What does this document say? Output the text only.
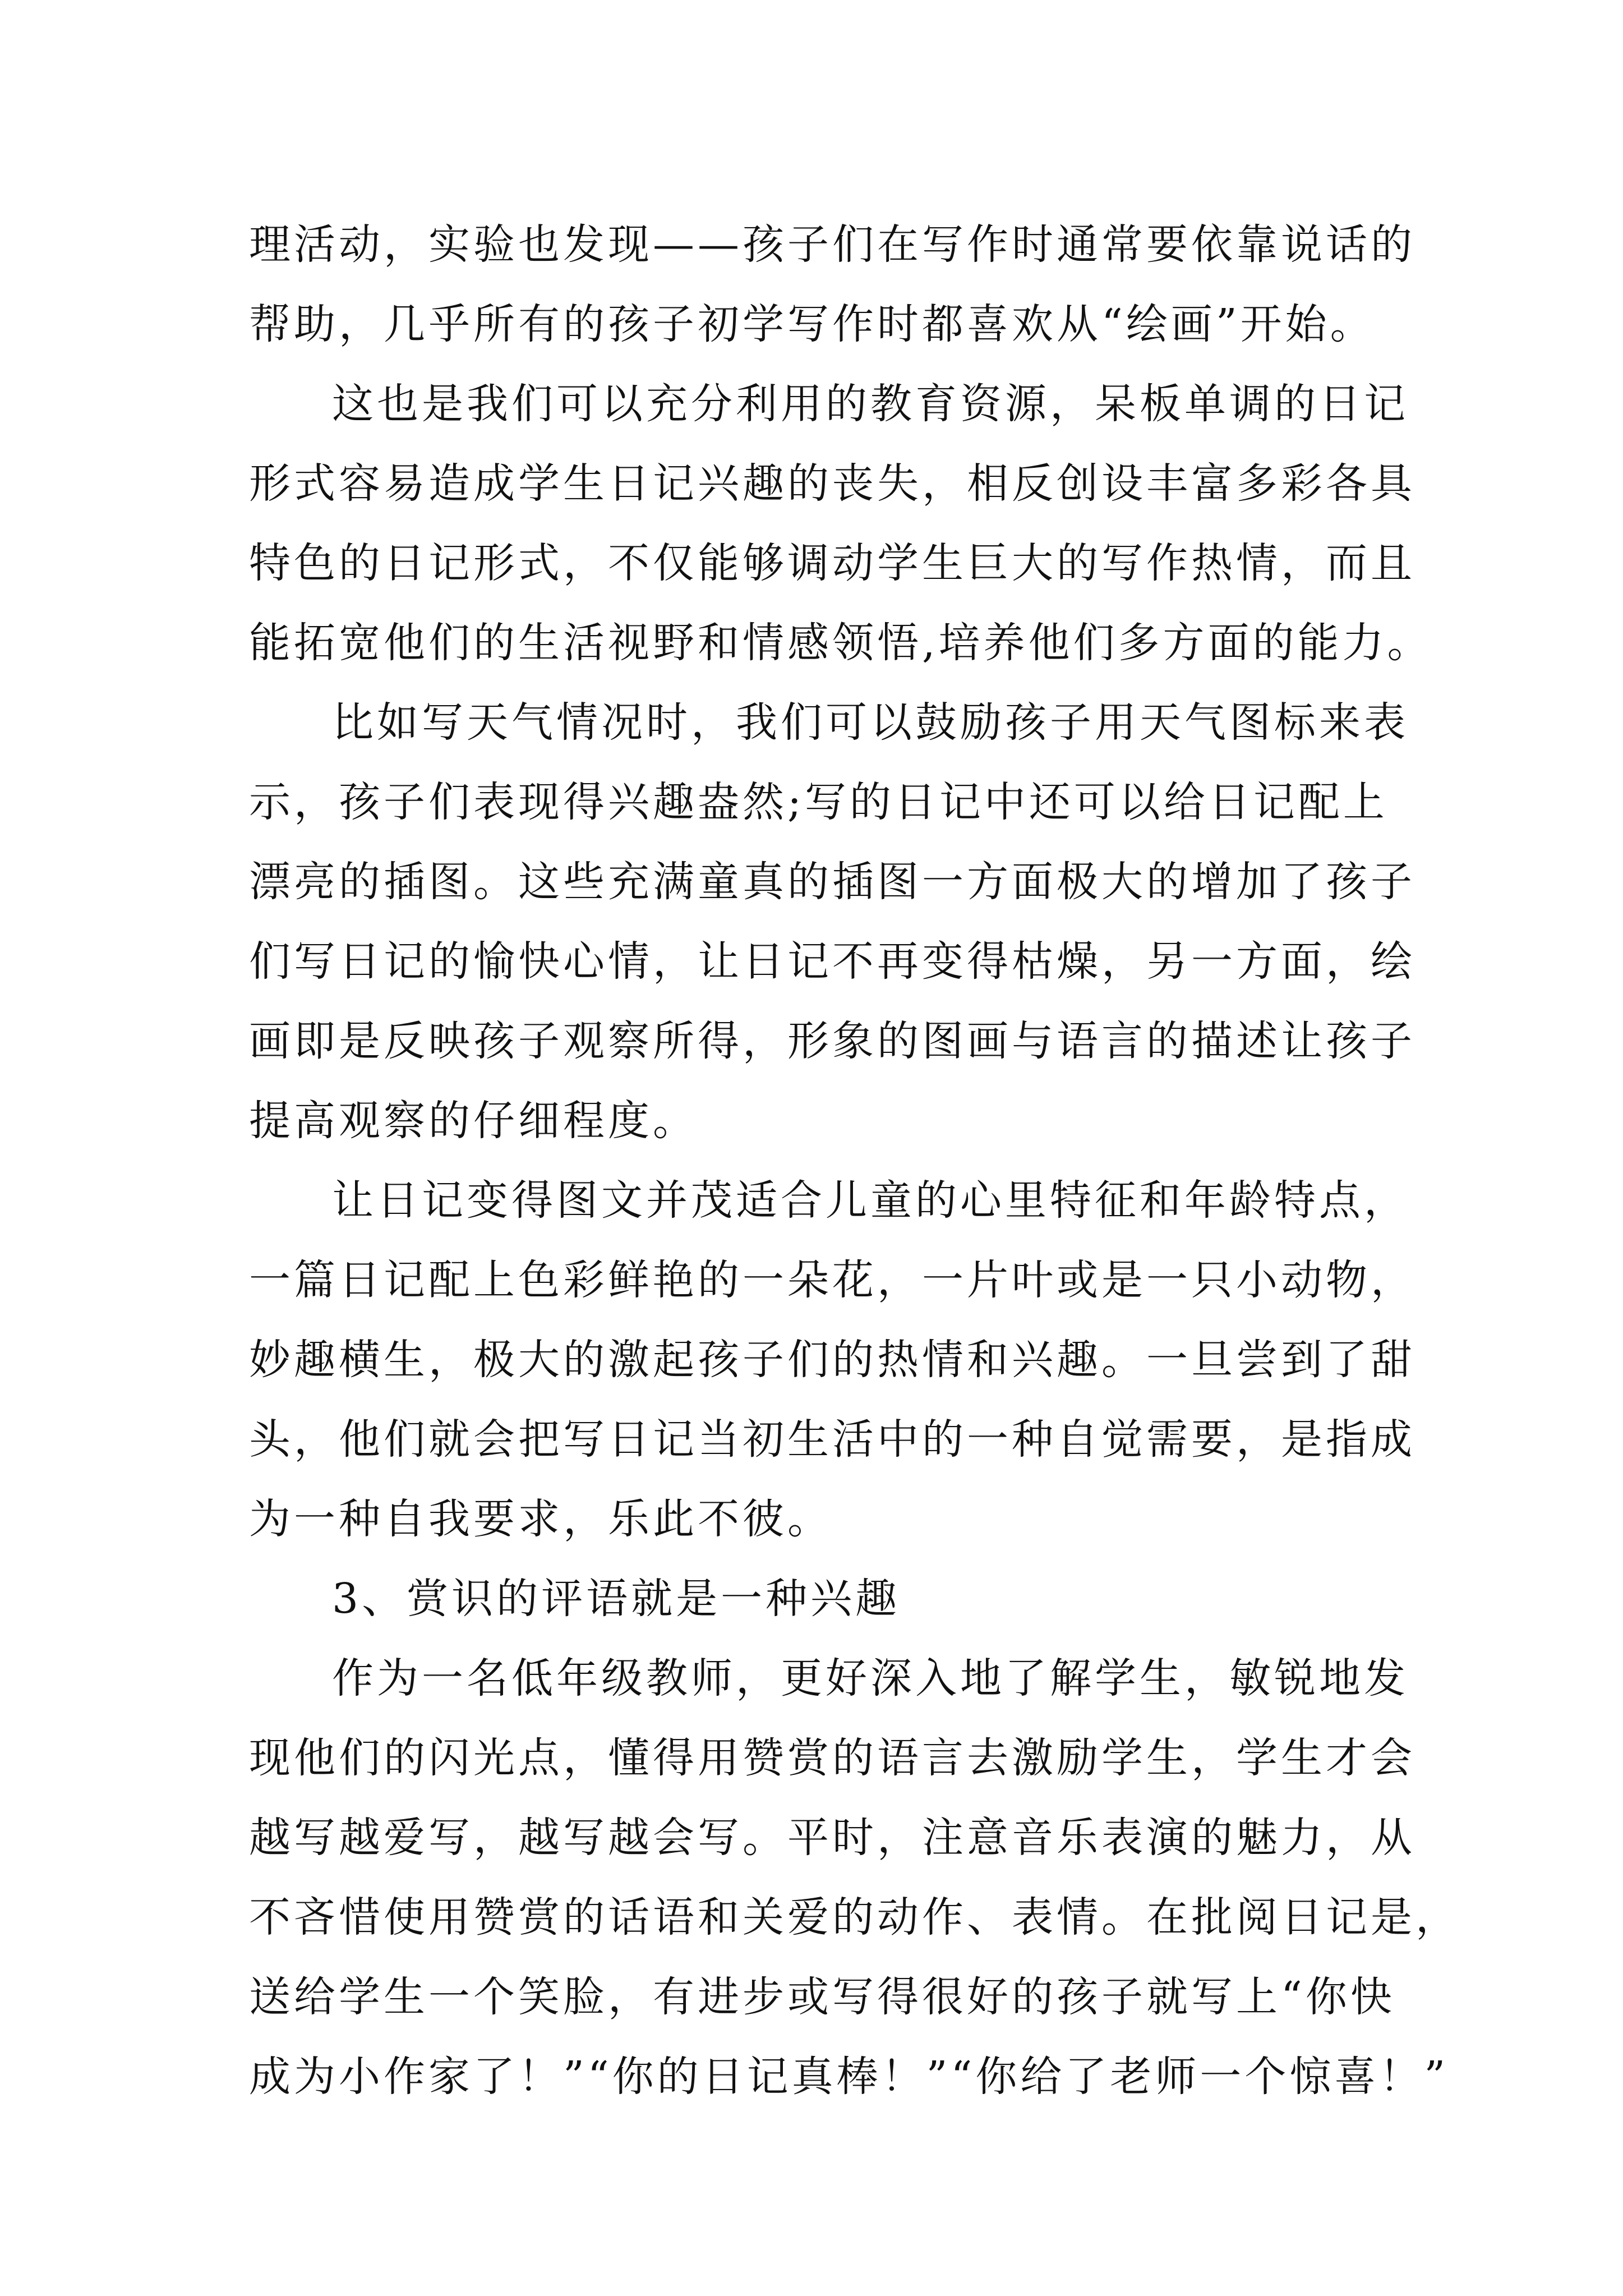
理活动，实验也发现——孩子们在写作时通常要依靠说话的
帮助，几乎所有的孩子初学写作时都喜欢从“绘画”开始。
这也是我们可以充分利用的教育资源，呆板单调的日记
形式容易造成学生日记兴趣的丧失，相反创设丰富多彩各具
特色的日记形式，不仅能够调动学生巨大的写作热情，而且
能拓宽他们的生活视野和情感领悟,培养他们多方面的能力。
比如写天气情况时，我们可以鼓励孩子用天气图标来表
示，孩子们表现得兴趣盎然;写的日记中还可以给日记配上
漂亮的插图。这些充满童真的插图一方面极大的增加了孩子
们写日记的愉快心情，让日记不再变得枯燥，另一方面，绘
画即是反映孩子观察所得，形象的图画与语言的描述让孩子
提高观察的仔细程度。
让日记变得图文并茂适合儿童的心里特征和年龄特点，
一篇日记配上色彩鲜艳的一朵花，一片叶或是一只小动物，
妙趣横生，极大的激起孩子们的热情和兴趣。一旦尝到了甜
头，他们就会把写日记当初生活中的一种自觉需要，是指成
为一种自我要求，乐此不彼。
3、赏识的评语就是一种兴趣
作为一名低年级教师，更好深入地了解学生，敏锐地发
现他们的闪光点，懂得用赞赏的语言去激励学生，学生才会
越写越爱写，越写越会写。平时，注意音乐表演的魅力，从
不吝惜使用赞赏的话语和关爱的动作、表情。在批阅日记是，
送给学生一个笑脸，有进步或写得很好的孩子就写上“你快
成为小作家了！”“你的日记真棒！”“你给了老师一个惊喜！”
